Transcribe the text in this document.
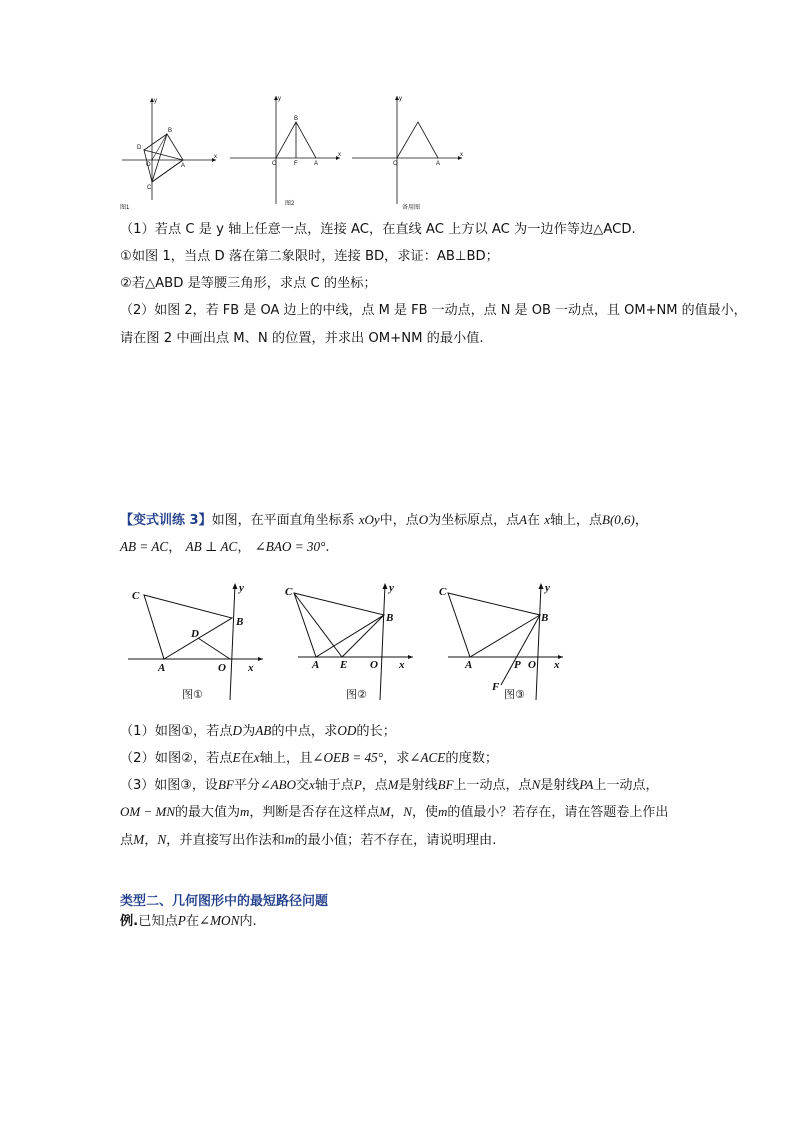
y
x
B
D
O	A
C
图1
y
x
B
O	F	A
图2
y
x
O	A
备用图
（1）若点 C 是 y 轴上任意一点，连接 AC，在直线 AC 上方以 AC 为一边作等边△ACD.
①如图 1，当点 D 落在第二象限时，连接 BD，求证：AB⊥BD；
②若△ABD 是等腰三角形，求点 C 的坐标；
（2）如图 2，若 FB 是 OA 边上的中线，点 M 是 FB 一动点，点 N 是 OB 一动点，且 OM+NM 的值最小，
请在图 2 中画出点 M、N 的位置，并求出 OM+NM 的最小值.
【变式训练 3】如图，在平面直角坐标系 xOy中，点O为坐标原点，点A在 x轴上，点B(0,6)，
AB = AC， AB ⊥ AC， ∠BAO = 30°.
C
B
D
A	O x
y
图①
C
B
A E O x
y
图②
C
B
A	P O x
y
F
图③
（1）如图①，若点D为AB的中点，求OD的长；
（2）如图②，若点E在x轴上，且∠OEB = 45°，求∠ACE的度数；
（3）如图③，设BF平分∠ABO交x轴于点P，点M是射线BF上一动点，点N是射线PA上一动点，
OM − MN的最大值为m，判断是否存在这样点M，N，使m的值最小？若存在，请在答题卷上作出
点M，N，并直接写出作法和m的最小值；若不存在，请说明理由.
类型二、几何图形中的最短路径问题
例.已知点P在∠MON内.
